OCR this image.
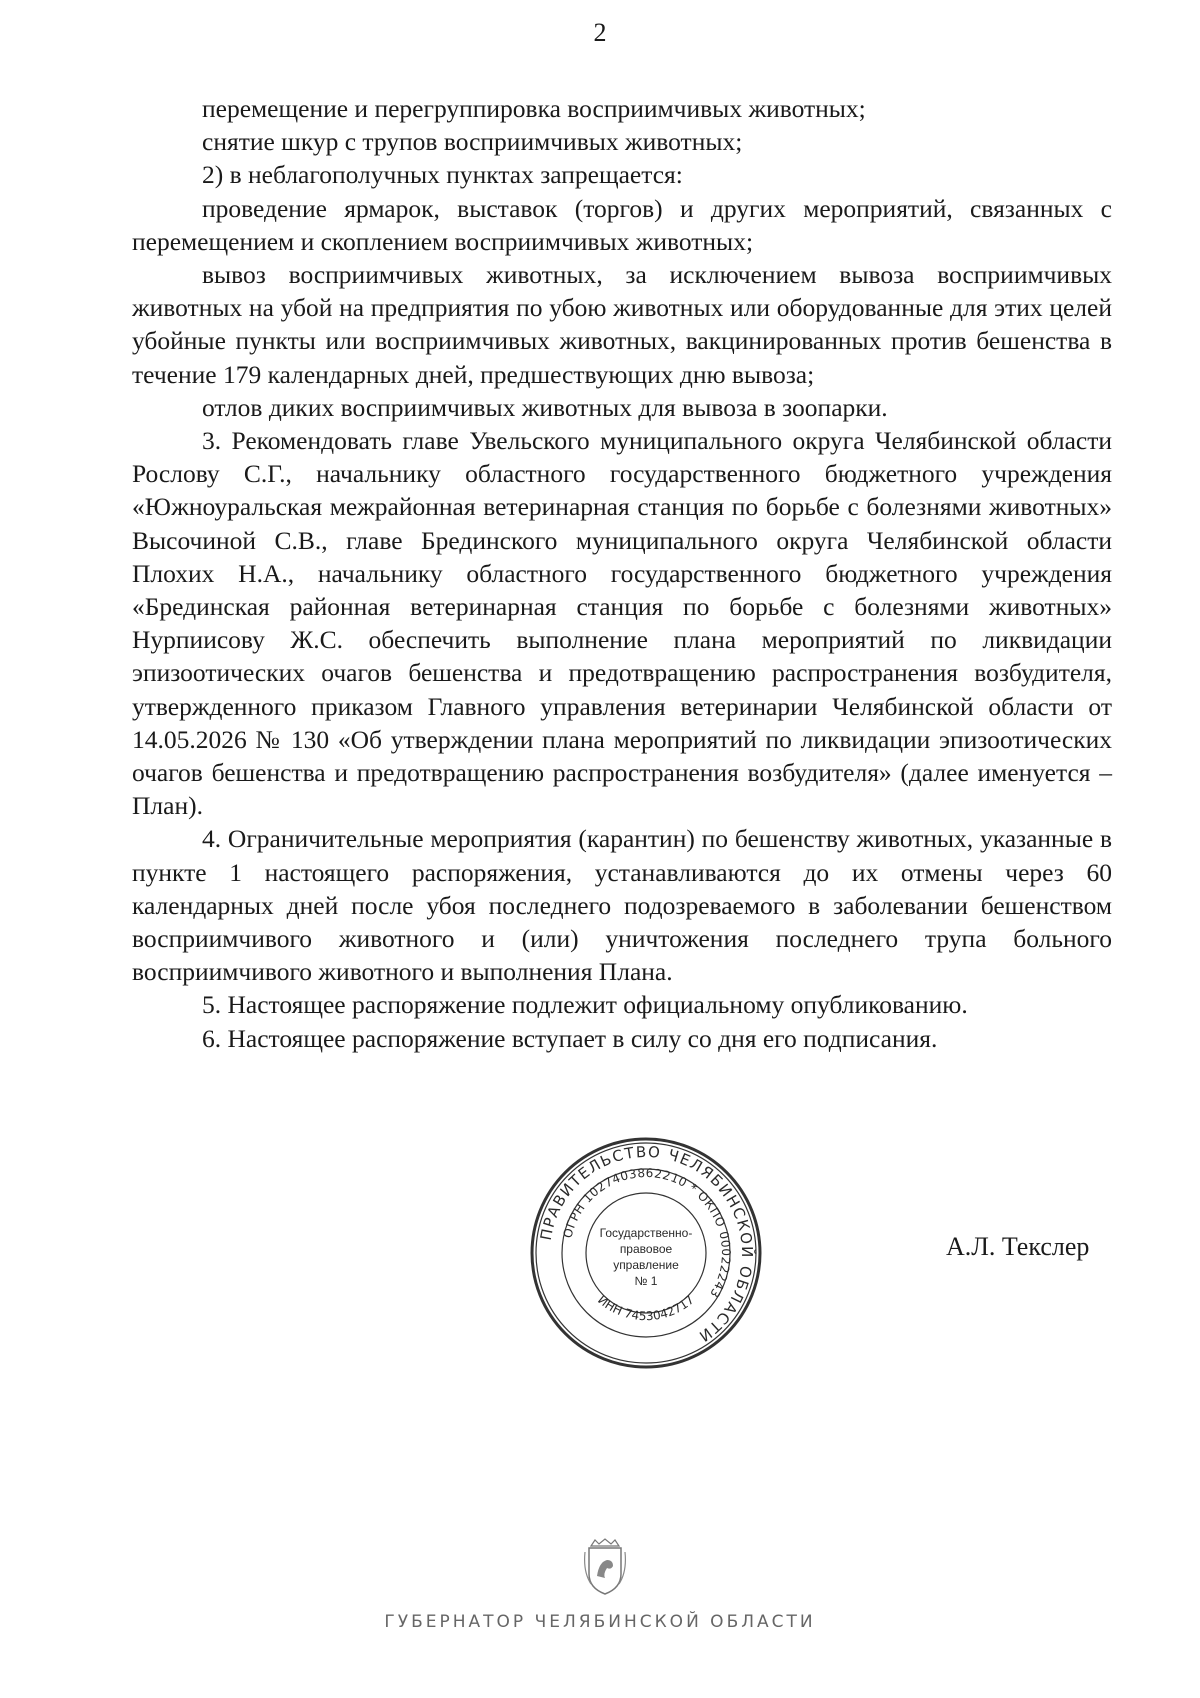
2

перемещение и перегруппировка восприимчивых животных;

снятие шкур с трупов восприимчивых животных;

2) в неблагополучных пунктах запрещается:

проведение ярмарок, выставок (торгов) и других мероприятий, связанных с перемещением и скоплением восприимчивых животных;

вывоз восприимчивых животных, за исключением вывоза восприимчивых животных на убой на предприятия по убою животных или оборудованные для этих целей убойные пункты или восприимчивых животных, вакцинированных против бешенства в течение 179 календарных дней, предшествующих дню вывоза;

отлов диких восприимчивых животных для вывоза в зоопарки.

3. Рекомендовать главе Увельского муниципального округа Челябинской области Рослову С.Г., начальнику областного государственного бюджетного учреждения «Южноуральская межрайонная ветеринарная станция по борьбе с болезнями животных» Высочиной С.В., главе Брединского муниципального округа Челябинской области Плохих Н.А., начальнику областного государственного бюджетного учреждения «Брединская районная ветеринарная станция по борьбе с болезнями животных» Нурпиисову Ж.С. обеспечить выполнение плана мероприятий по ликвидации эпизоотических очагов бешенства и предотвращению распространения возбудителя, утвержденного приказом Главного управления ветеринарии Челябинской области от 14.05.2026 № 130 «Об утверждении плана мероприятий по ликвидации эпизоотических очагов бешенства и предотвращению распространения возбудителя» (далее именуется – План).

4. Ограничительные мероприятия (карантин) по бешенству животных, указанные в пункте 1 настоящего распоряжения, устанавливаются до их отмены через 60 календарных дней после убоя последнего подозреваемого в заболевании бешенством восприимчивого животного и (или) уничтожения последнего трупа больного восприимчивого животного и выполнения Плана.

5. Настоящее распоряжение подлежит официальному опубликованию.

6. Настоящее распоряжение вступает в силу со дня его подписания.

ПРАВИТЕЛЬСТВО ЧЕЛЯБИНСКОЙ ОБЛАСТИ
ОГРН 1027403862210 * ОКПО 00022243
ИНН 7453042717
Государственно-
правовое
управление
№ 1
А.Л. Текслер
ГУБЕРНАТОР ЧЕЛЯБИНСКОЙ ОБЛАСТИ
